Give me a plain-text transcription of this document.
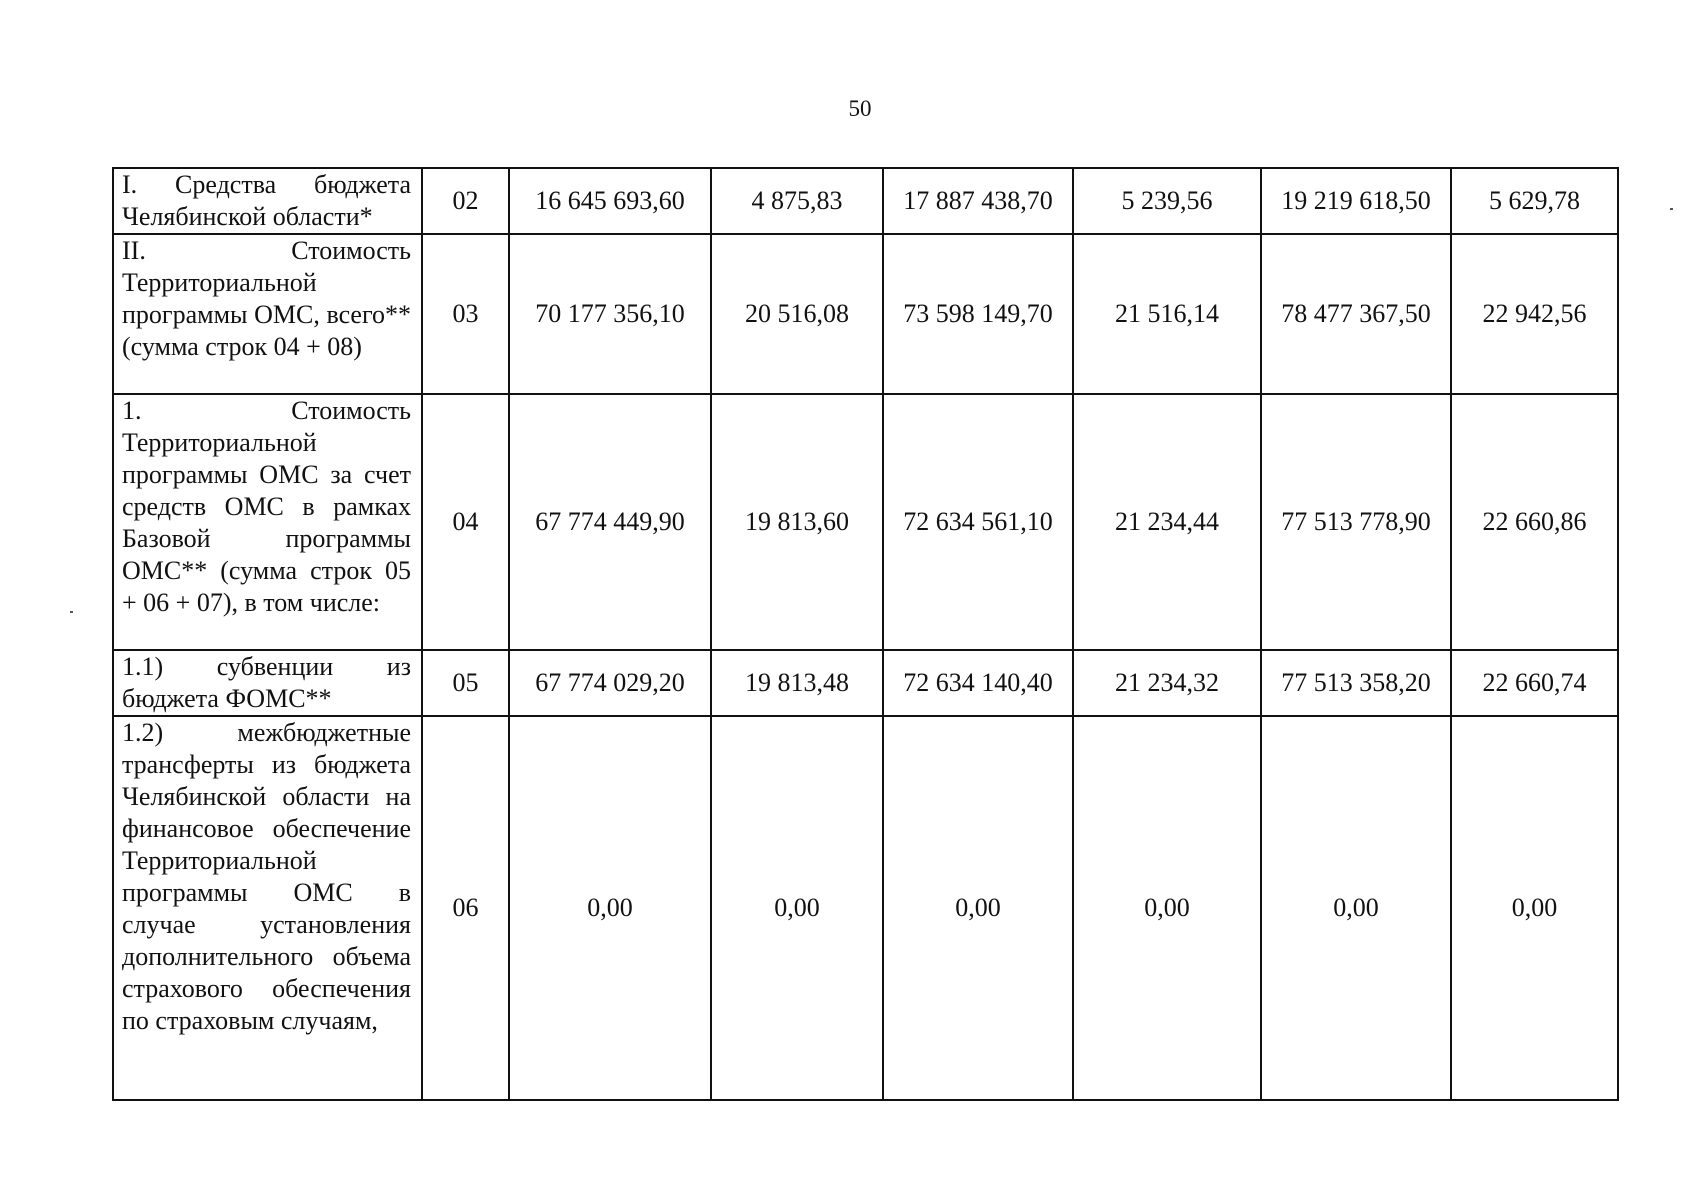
50
I. Средства бюджета Челябинской области*	02	16 645 693,60	4 875,83	17 887 438,70	5 239,56	19 219 618,50	5 629,78
II. Стоимость Территориальной программы ОМС, всего** (сумма строк 04 + 08)	03	70 177 356,10	20 516,08	73 598 149,70	21 516,14	78 477 367,50	22 942,56
1. Стоимость Территориальной программы ОМС за счет средств ОМС в рамках Базовой программы ОМС** (сумма строк 05 + 06 + 07), в том числе:	04	67 774 449,90	19 813,60	72 634 561,10	21 234,44	77 513 778,90	22 660,86
1.1) субвенции из бюджета ФОМС**	05	67 774 029,20	19 813,48	72 634 140,40	21 234,32	77 513 358,20	22 660,74
1.2) межбюджетные трансферты из бюджета Челябинской области на финансовое обеспечение Территориальной программы ОМС в случае установления дополнительного объема страхового обеспечения по страховым случаям,	06	0,00	0,00	0,00	0,00	0,00	0,00
